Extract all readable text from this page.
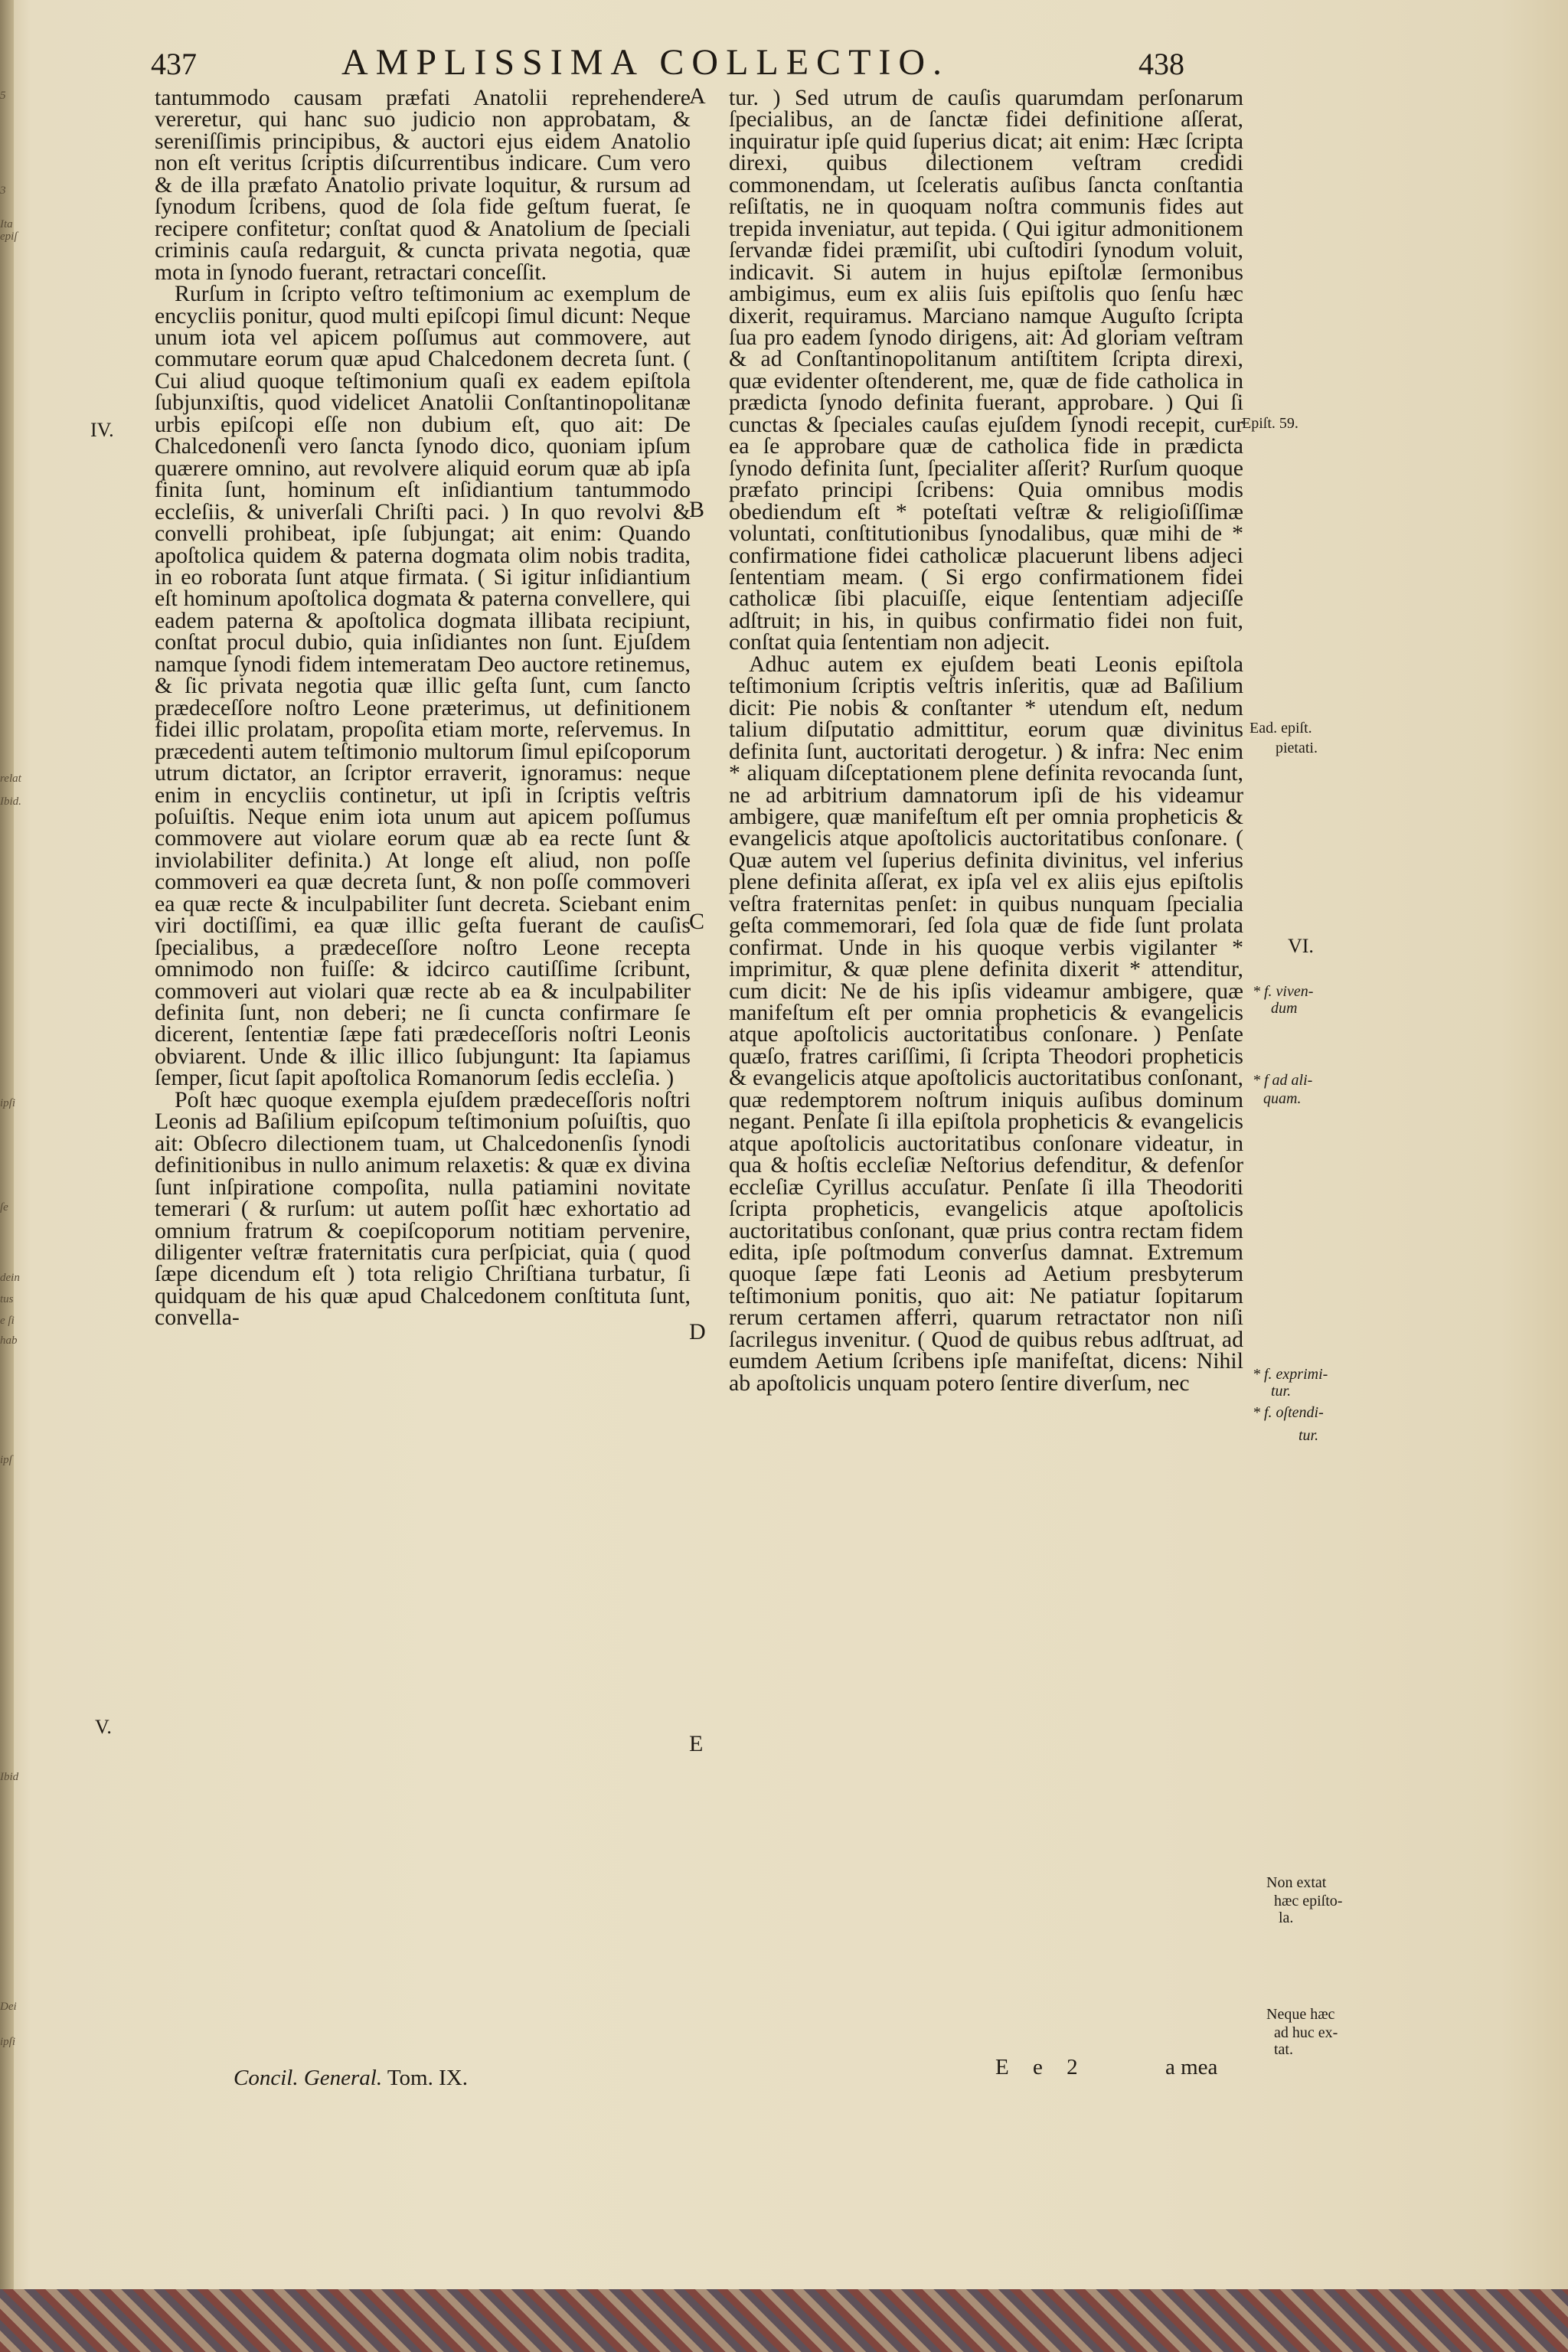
5
3
Ita
epiſ
relat
Ibid.
ipſi
ſe
dein
tus
e ſi
hab
ipſ
Ibid
Dei
ipſi
437	AMPLISSIMA COLLECTIO.	438

tantummodo causam præfati Anatolii reprehendere vereretur, qui hanc suo judicio non approbatam, & sereniſſimis principibus, & auctori ejus eidem Anatolio non eſt veritus ſcriptis diſcurrentibus indicare. Cum vero & de illa præfato Anatolio private loquitur, & rursum ad ſynodum ſcribens, quod de ſola fide geſtum fuerat, ſe recipere confitetur; conſtat quod & Anatolium de ſpeciali criminis cauſa redarguit, & cuncta privata negotia, quæ mota in ſynodo fuerant, retractari conceſſit.

Rurſum in ſcripto veſtro teſtimonium ac exemplum de encycliis ponitur, quod multi epiſcopi ſimul dicunt: Neque unum iota vel apicem poſſumus aut commovere, aut commutare eorum quæ apud Chalcedonem decreta ſunt. ( Cui aliud quoque teſtimonium quaſi ex eadem epiſtola ſubjunxiſtis, quod videlicet Anatolii Conſtantinopolitanæ urbis epiſcopi eſſe non dubium eſt, quo ait: De Chalcedonenſi vero ſancta ſynodo dico, quoniam ipſum quærere omnino, aut revolvere aliquid eorum quæ ab ipſa finita ſunt, hominum eſt inſidiantium tantummodo eccleſiis, & univerſali Chriſti paci. ) In quo revolvi & convelli prohibeat, ipſe ſubjungat; ait enim: Quando apoſtolica quidem & paterna dogmata olim nobis tradita, in eo roborata ſunt atque firmata. ( Si igitur inſidiantium eſt hominum apoſtolica dogmata & paterna convellere, qui eadem paterna & apoſtolica dogmata illibata recipiunt, conſtat procul dubio, quia inſidiantes non ſunt. Ejuſdem namque ſynodi fidem intemeratam Deo auctore retinemus, & ſic privata negotia quæ illic geſta ſunt, cum ſancto prædeceſſore noſtro Leone præterimus, ut definitionem fidei illic prolatam, propoſita etiam morte, reſervemus. In præcedenti autem teſtimonio multorum ſimul epiſcoporum utrum dictator, an ſcriptor erraverit, ignoramus: neque enim in encycliis continetur, ut ipſi in ſcriptis veſtris poſuiſtis. Neque enim iota unum aut apicem poſſumus commovere aut violare eorum quæ ab ea recte ſunt & inviolabiliter definita.) At longe eſt aliud, non poſſe commoveri ea quæ decreta ſunt, & non poſſe commoveri ea quæ recte & inculpabiliter ſunt decreta. Sciebant enim viri doctiſſimi, ea quæ illic geſta fuerant de cauſis ſpecialibus, a prædeceſſore noſtro Leone recepta omnimodo non fuiſſe: & idcirco cautiſſime ſcribunt, commoveri aut violari quæ recte ab ea & inculpabiliter definita ſunt, non deberi; ne ſi cuncta confirmare ſe dicerent, ſententiæ ſæpe fati prædeceſſoris noſtri Leonis obviarent. Unde & illic illico ſubjungunt: Ita ſapiamus ſemper, ſicut ſapit apoſtolica Romanorum ſedis eccleſia. )

Poſt hæc quoque exempla ejuſdem prædeceſſoris noſtri Leonis ad Baſilium epiſcopum teſtimonium poſuiſtis, quo ait: Obſecro dilectionem tuam, ut Chalcedonenſis ſynodi definitionibus in nullo animum relaxetis: & quæ ex divina ſunt inſpiratione compoſita, nulla patiamini novitate temerari ( & rurſum: ut autem poſſit hæc exhortatio ad omnium fratrum & coepiſcoporum notitiam pervenire, diligenter veſtræ fraternitatis cura perſpiciat, quia ( quod ſæpe dicendum eſt ) tota religio Chriſtiana turbatur, ſi quidquam de his quæ apud Chalcedonem conſtituta ſunt, convella-

tur. ) Sed utrum de cauſis quarumdam perſonarum ſpecialibus, an de ſanctæ fidei definitione aſſerat, inquiratur ipſe quid ſuperius dicat; ait enim: Hæc ſcripta direxi, quibus dilectionem veſtram credidi commonendam, ut ſceleratis auſibus ſancta conſtantia reſiſtatis, ne in quoquam noſtra communis fides aut trepida inveniatur, aut tepida. ( Qui igitur admonitionem ſervandæ fidei præmiſit, ubi cuſtodiri ſynodum voluit, indicavit. Si autem in hujus epiſtolæ ſermonibus ambigimus, eum ex aliis ſuis epiſtolis quo ſenſu hæc dixerit, requiramus. Marciano namque Auguſto ſcripta ſua pro eadem ſynodo dirigens, ait: Ad gloriam veſtram & ad Conſtantinopolitanum antiſtitem ſcripta direxi, quæ evidenter oſtenderent, me, quæ de fide catholica in prædicta ſynodo definita fuerant, approbare. ) Qui ſi cunctas & ſpeciales cauſas ejuſdem ſynodi recepit, cur ea ſe approbare quæ de catholica fide in prædicta ſynodo definita ſunt, ſpecialiter aſſerit? Rurſum quoque præfato principi ſcribens: Quia omnibus modis obediendum eſt * poteſtati veſtræ & religioſiſſimæ voluntati, conſtitutionibus ſynodalibus, quæ mihi de * confirmatione fidei catholicæ placuerunt libens adjeci ſententiam meam. ( Si ergo confirmationem fidei catholicæ ſibi placuiſſe, eique ſententiam adjeciſſe adſtruit; in his, in quibus confirmatio fidei non fuit, conſtat quia ſententiam non adjecit.

Adhuc autem ex ejuſdem beati Leonis epiſtola teſtimonium ſcriptis veſtris inſeritis, quæ ad Baſilium dicit: Pie nobis & conſtanter * utendum eſt, nedum talium diſputatio admittitur, eorum quæ divinitus definita ſunt, auctoritati derogetur. ) & infra: Nec enim * aliquam diſceptationem plene definita revocanda ſunt, ne ad arbitrium damnatorum ipſi de his videamur ambigere, quæ manifeſtum eſt per omnia propheticis & evangelicis atque apoſtolicis auctoritatibus conſonare. ( Quæ autem vel ſuperius definita divinitus, vel inferius plene definita aſſerat, ex ipſa vel ex aliis ejus epiſtolis veſtra fraternitas penſet: in quibus nunquam ſpecialia geſta commemorari, ſed ſola quæ de fide ſunt prolata confirmat. Unde in his quoque verbis vigilanter * imprimitur, & quæ plene definita dixerit * attenditur, cum dicit: Ne de his ipſis videamur ambigere, quæ manifeſtum eſt per omnia propheticis & evangelicis atque apoſtolicis auctoritatibus conſonare. ) Penſate quæſo, fratres cariſſimi, ſi ſcripta Theodori propheticis & evangelicis atque apoſtolicis auctoritatibus conſonant, quæ redemptorem noſtrum iniquis auſibus dominum negant. Penſate ſi illa epiſtola propheticis & evangelicis atque apoſtolicis auctoritatibus conſonare videatur, in qua & hoſtis eccleſiæ Neſtorius defenditur, & defenſor eccleſiæ Cyrillus accuſatur. Penſate ſi illa Theodoriti ſcripta propheticis, evangelicis atque apoſtolicis auctoritatibus conſonant, quæ prius contra rectam fidem edita, ipſe poſtmodum converſus damnat. Extremum quoque ſæpe fati Leonis ad Aetium presbyterum teſtimonium ponitis, quo ait: Ne patiatur ſopitarum rerum certamen afferri, quarum retractator non niſi ſacrilegus invenitur. ( Quod de quibus rebus adſtruat, ad eumdem Aetium ſcribens ipſe manifeſtat, dicens: Nihil ab apoſtolicis unquam potero ſentire diverſum, nec

IV.
V.
VI.
A
B
C
D
E
Epiſt. 59.
Ead. epiſt.
pietati.
* f. viven-
dum
* f ad ali-
quam.
* f. exprimi-
tur.
* f. oſtendi-
tur.
Non extat
hæc epiſto-
la.
Neque hæc
ad huc ex-
tat.
Concil. General. Tom. IX.	E e 2	a mea
